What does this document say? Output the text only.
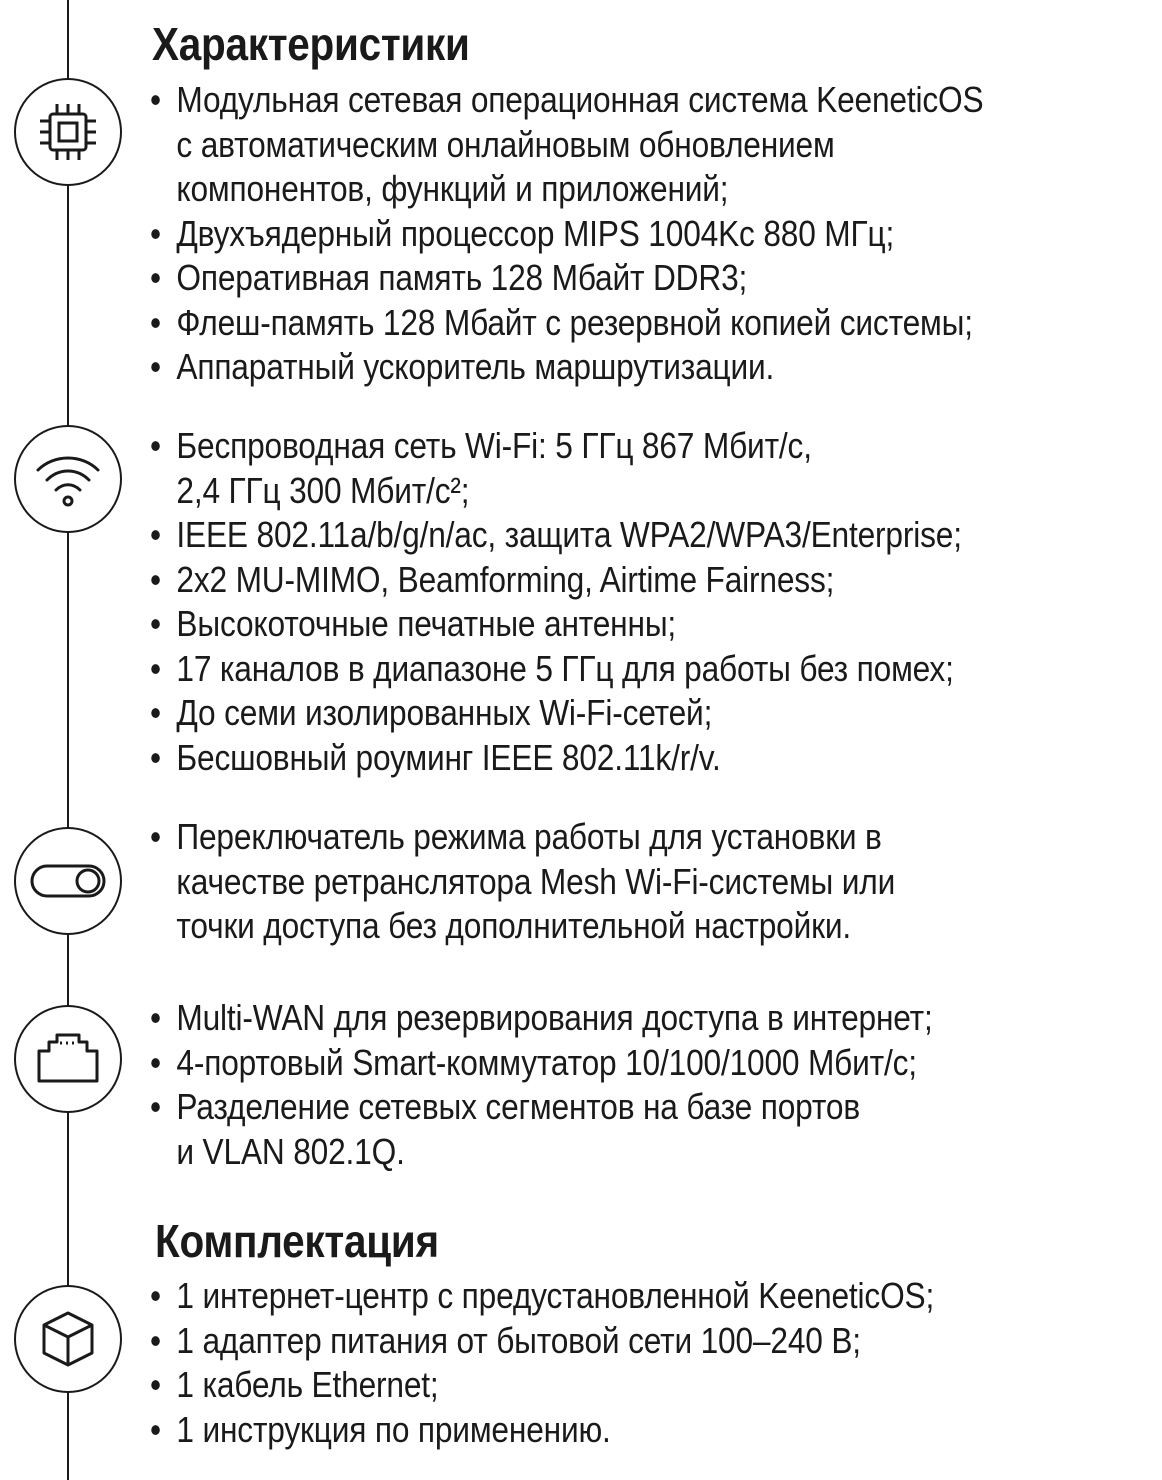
Характеристики
• Модульная сетевая операционная система KeeneticOS
с автоматическим онлайновым обновлением
компонентов, функций и приложений;
• Двухъядерный процессор MIPS 1004Kc 880 МГц;
• Оперативная память 128 Мбайт DDR3;
• Флеш-память 128 Мбайт с резервной копией системы;
• Аппаратный ускоритель маршрутизации.
• Беспроводная сеть Wi-Fi: 5 ГГц 867 Мбит/с,
2,4 ГГц 300 Мбит/с²;
• IEEE 802.11a/b/g/n/ac, защита WPA2/WPA3/Enterprise;
• 2x2 MU-MIMO, Beamforming, Airtime Fairness;
• Высокоточные печатные антенны;
• 17 каналов в диапазоне 5 ГГц для работы без помех;
• До семи изолированных Wi-Fi-сетей;
• Бесшовный роуминг IEEE 802.11k/r/v.
• Переключатель режима работы для установки в
качестве ретранслятора Mesh Wi-Fi-системы или
точки доступа без дополнительной настройки.
• Multi-WAN для резервирования доступа в интернет;
• 4-портовый Smart-коммутатор 10/100/1000 Мбит/с;
• Разделение сетевых сегментов на базе портов
и VLAN 802.1Q.
Комплектация
• 1 интернет-центр с предустановленной KeeneticOS;
• 1 адаптер питания от бытовой сети 100–240 В;
• 1 кабель Ethernet;
• 1 инструкция по применению.
